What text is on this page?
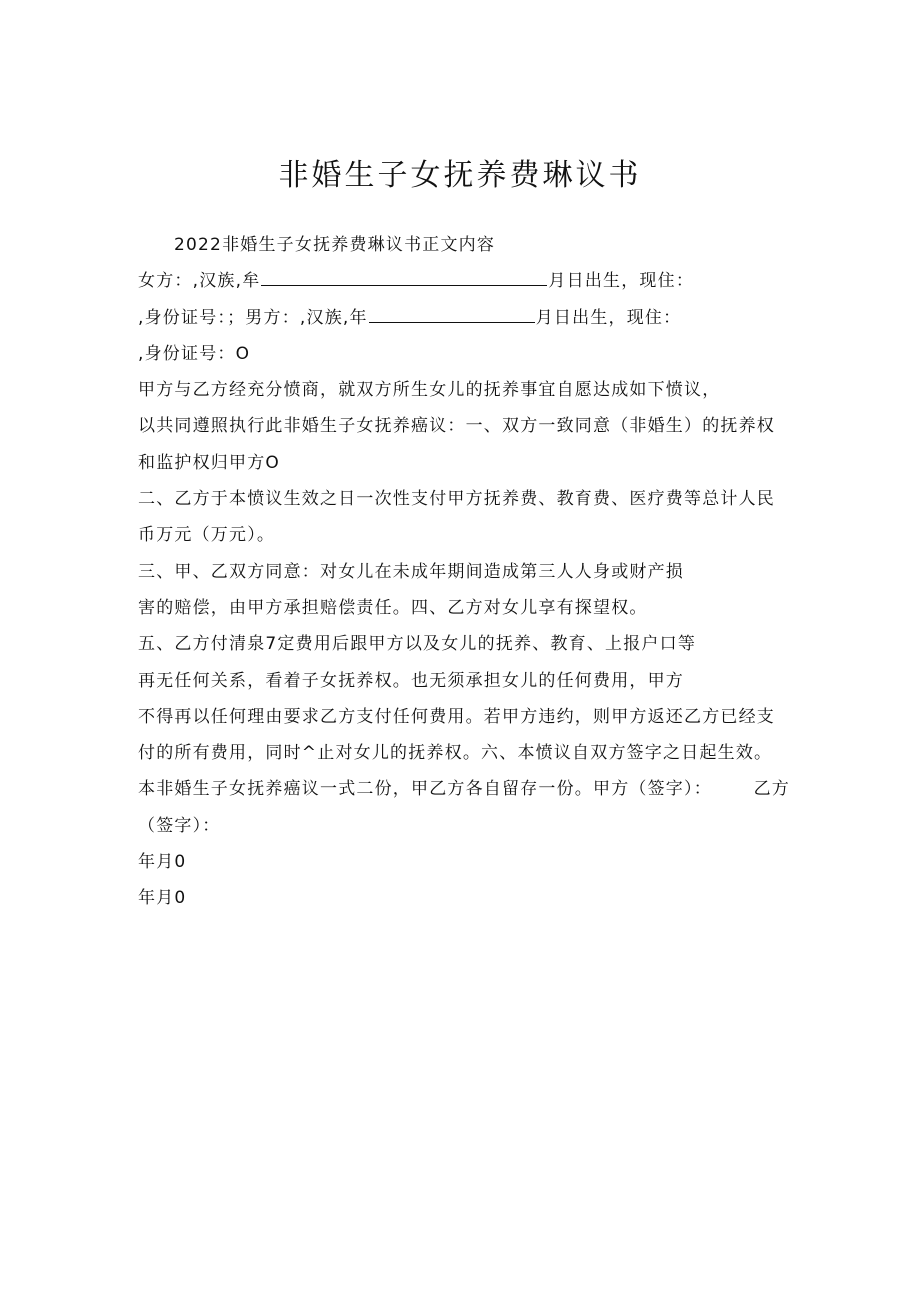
非婚生子女抚养费琳议书
2022非婚生子女抚养费琳议书正文内容
女方：,汉族,牟	月日出生，现住：
,身份证号：；男方：,汉族,年	月日出生，现住：
,身份证号：O
甲方与乙方经充分愤商，就双方所生女儿的抚养事宜自愿达成如下愤议，
以共同遵照执行此非婚生子女抚养癌议：一、双方一致同意（非婚生）的抚养权
和监护权归甲方O
二、乙方于本愤议生效之日一次性支付甲方抚养费、教育费、医疗费等总计人民
币万元（万元）。
三、甲、乙双方同意：对女儿在未成年期间造成第三人人身或财产损
害的赔偿，由甲方承担赔偿责任。四、乙方对女儿享有探望权。
五、乙方付清泉7定费用后跟甲方以及女儿的抚养、教育、上报户口等
再无任何关系，看着子女抚养权。也无须承担女儿的任何费用，甲方
不得再以任何理由要求乙方支付任何费用。若甲方违约，则甲方返还乙方已经支
付的所有费用，同时^止对女儿的抚养权。六、本愤议自双方签字之日起生效。
本非婚生子女抚养癌议一式二份，甲乙方各自留存一份。甲方（签字）： 乙方
（签字）：
年月0
年月0
